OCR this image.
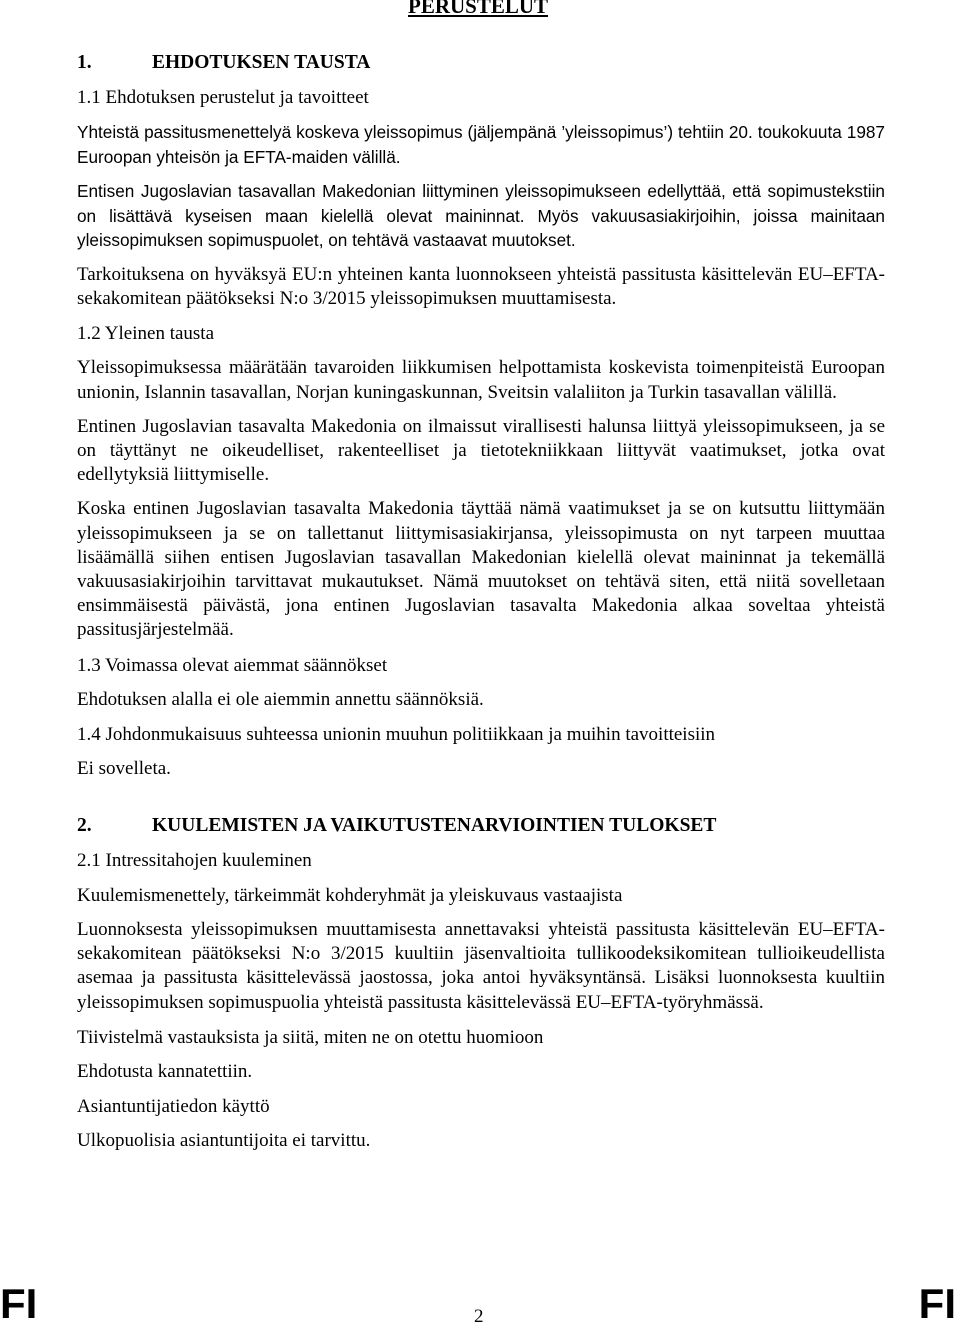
PERUSTELUT

1.	EHDOTUKSEN TAUSTA
1.1 Ehdotuksen perustelut ja tavoitteet

Yhteistä passitusmenettelyä koskeva yleissopimus (jäljempänä ’yleissopimus’) tehtiin 20. toukokuuta 1987 Euroopan yhteisön ja EFTA-maiden välillä.

Entisen Jugoslavian tasavallan Makedonian liittyminen yleissopimukseen edellyttää, että sopimustekstiin on lisättävä kyseisen maan kielellä olevat maininnat. Myös vakuusasiakirjoihin, joissa mainitaan yleissopimuksen sopimuspuolet, on tehtävä vastaavat muutokset.

Tarkoituksena on hyväksyä EU:n yhteinen kanta luonnokseen yhteistä passitusta käsittelevän EU–EFTA-sekakomitean päätökseksi N:o 3/2015 yleissopimuksen muuttamisesta.

1.2 Yleinen tausta

Yleissopimuksessa määrätään tavaroiden liikkumisen helpottamista koskevista toimenpiteistä Euroopan unionin, Islannin tasavallan, Norjan kuningaskunnan, Sveitsin valaliiton ja Turkin tasavallan välillä.

Entinen Jugoslavian tasavalta Makedonia on ilmaissut virallisesti halunsa liittyä yleissopimukseen, ja se on täyttänyt ne oikeudelliset, rakenteelliset ja tietotekniikkaan liittyvät vaatimukset, jotka ovat edellytyksiä liittymiselle.

Koska entinen Jugoslavian tasavalta Makedonia täyttää nämä vaatimukset ja se on kutsuttu liittymään yleissopimukseen ja se on tallettanut liittymisasiakirjansa, yleissopimusta on nyt tarpeen muuttaa lisäämällä siihen entisen Jugoslavian tasavallan Makedonian kielellä olevat maininnat ja tekemällä vakuusasiakirjoihin tarvittavat mukautukset. Nämä muutokset on tehtävä siten, että niitä sovelletaan ensimmäisestä päivästä, jona entinen Jugoslavian tasavalta Makedonia alkaa soveltaa yhteistä passitusjärjestelmää.

1.3 Voimassa olevat aiemmat säännökset

Ehdotuksen alalla ei ole aiemmin annettu säännöksiä.

1.4 Johdonmukaisuus suhteessa unionin muuhun politiikkaan ja muihin tavoitteisiin

Ei sovelleta.

2.	KUULEMISTEN JA VAIKUTUSTENARVIOINTIEN TULOKSET
2.1 Intressitahojen kuuleminen
Kuulemismenettely, tärkeimmät kohderyhmät ja yleiskuvaus vastaajista

Luonnoksesta yleissopimuksen muuttamisesta annettavaksi yhteistä passitusta käsittelevän EU–EFTA-sekakomitean päätökseksi N:o 3/2015 kuultiin jäsenvaltioita tullikoodeksikomitean tullioikeudellista asemaa ja passitusta käsittelevässä jaostossa, joka antoi hyväksyntänsä. Lisäksi luonnoksesta kuultiin yleissopimuksen sopimuspuolia yhteistä passitusta käsittelevässä EU–EFTA-työryhmässä.

Tiivistelmä vastauksista ja siitä, miten ne on otettu huomioon

Ehdotusta kannatettiin.

Asiantuntijatiedon käyttö

Ulkopuolisia asiantuntijoita ei tarvittu.

FI	2	FI
